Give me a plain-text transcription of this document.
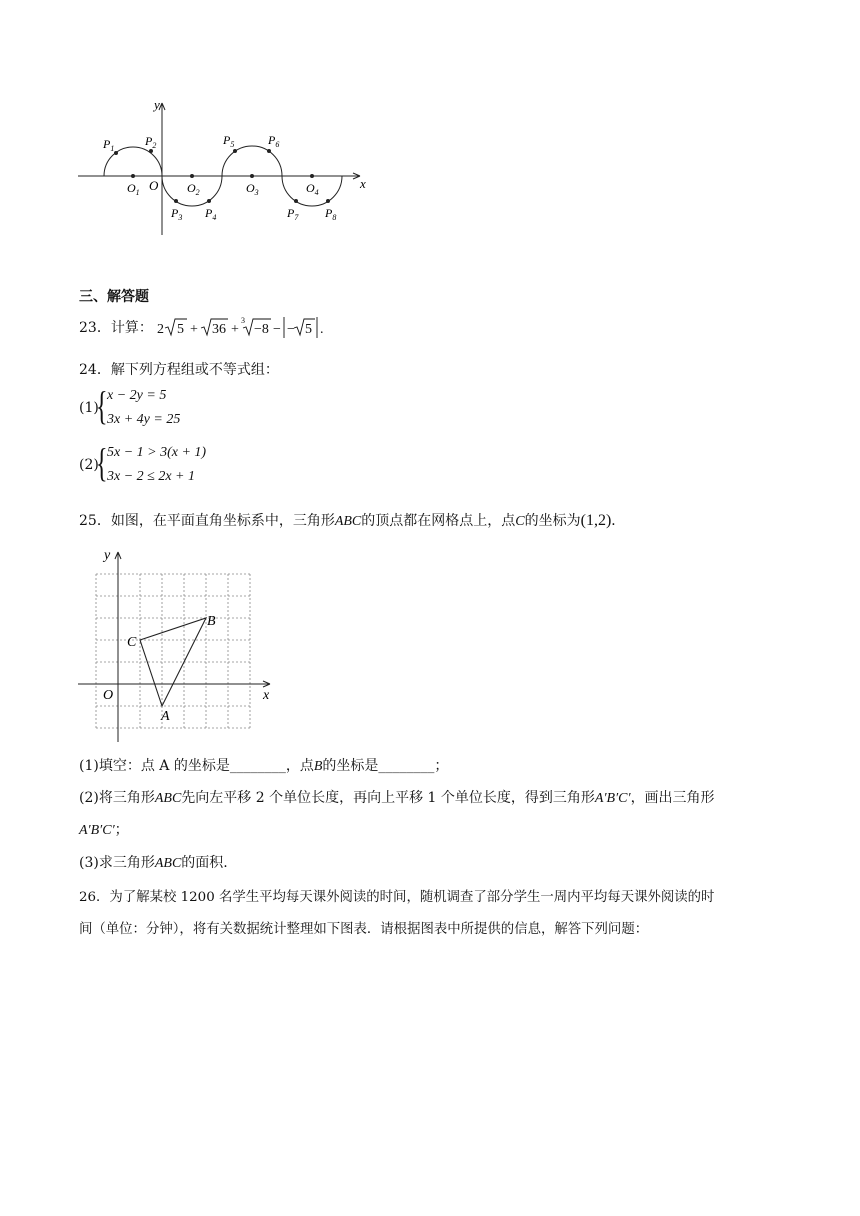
y
x
O
$O_1$	$O_2$	$O_3$	$O_4$
$P_1$
$P_2$
$P_3$ $P_4$
$P_5$	$P_6$
$P_7$ $P_8$
三、解答题
23．计算： 2 5 + 36 +
3
−8 − − 5 .
24．解下列方程组或不等式组：
(1)
{ x − 2y = 5
3x + 4y = 25
(2)
{ 5x − 1 > 3(x + 1)
3x − 2 ≤ 2x + 1
25．如图，在平面直角坐标系中，三角形ABC的顶点都在网格点上，点C的坐标为(1,2)．
y
x
O
A
B
C
(1)填空：点 A 的坐标是________，点B的坐标是________；
(2)将三角形ABC先向左平移 2 个单位长度，再向上平移 1 个单位长度，得到三角形A′B′C′，画出三角形
A′B′C′；
(3)求三角形ABC的面积.
26．为了解某校 1200 名学生平均每天课外阅读的时间，随机调查了部分学生一周内平均每天课外阅读的时
间（单位：分钟），将有关数据统计整理如下图表．请根据图表中所提供的信息，解答下列问题：
